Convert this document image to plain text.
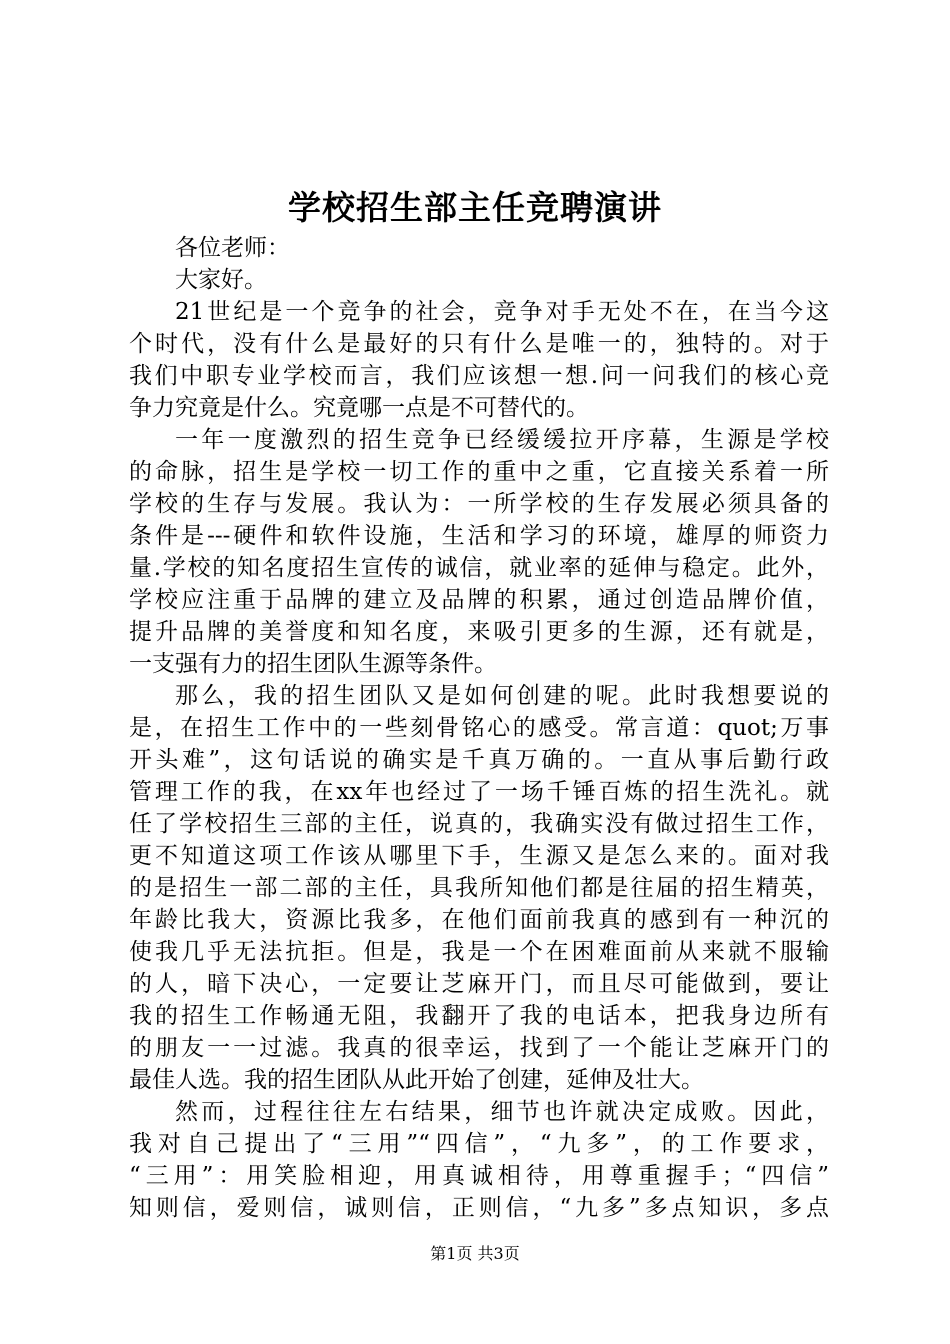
学校招生部主任竞聘演讲
各位老师：
大家好。
21世纪是一个竞争的社会，竞争对手无处不在，在当今这
个时代，没有什么是最好的只有什么是唯一的，独特的。对于
我们中职专业学校而言，我们应该想一想.问一问我们的核心竞
争力究竟是什么。究竟哪一点是不可替代的。
一年一度激烈的招生竞争已经缓缓拉开序幕，生源是学校
的命脉，招生是学校一切工作的重中之重，它直接关系着一所
学校的生存与发展。我认为：一所学校的生存发展必须具备的
条件是---硬件和软件设施，生活和学习的环境，雄厚的师资力
量.学校的知名度招生宣传的诚信，就业率的延伸与稳定。此外，
学校应注重于品牌的建立及品牌的积累，通过创造品牌价值，
提升品牌的美誉度和知名度，来吸引更多的生源，还有就是，
一支强有力的招生团队生源等条件。
那么，我的招生团队又是如何创建的呢。此时我想要说的
是，在招生工作中的一些刻骨铭心的感受。常言道：quot;万事
开头难”，这句话说的确实是千真万确的。一直从事后勤行政
管理工作的我，在xx年也经过了一场千锤百炼的招生洗礼。就
任了学校招生三部的主任，说真的，我确实没有做过招生工作，
更不知道这项工作该从哪里下手，生源又是怎么来的。面对我
的是招生一部二部的主任，具我所知他们都是往届的招生精英，
年龄比我大，资源比我多，在他们面前我真的感到有一种沉的
使我几乎无法抗拒。但是，我是一个在困难面前从来就不服输
的人，暗下决心，一定要让芝麻开门，而且尽可能做到，要让
我的招生工作畅通无阻，我翻开了我的电话本，把我身边所有
的朋友一一过滤。我真的很幸运，找到了一个能让芝麻开门的
最佳人选。我的招生团队从此开始了创建，延伸及壮大。
然而，过程往往左右结果，细节也许就决定成败。因此，
我对自己提出了“三用”“四信”，“九多”，的工作要求，
“三用”：用笑脸相迎，用真诚相待，用尊重握手；“四信”
知则信，爱则信，诚则信，正则信，“九多”多点知识，多点
第1页 共3页
